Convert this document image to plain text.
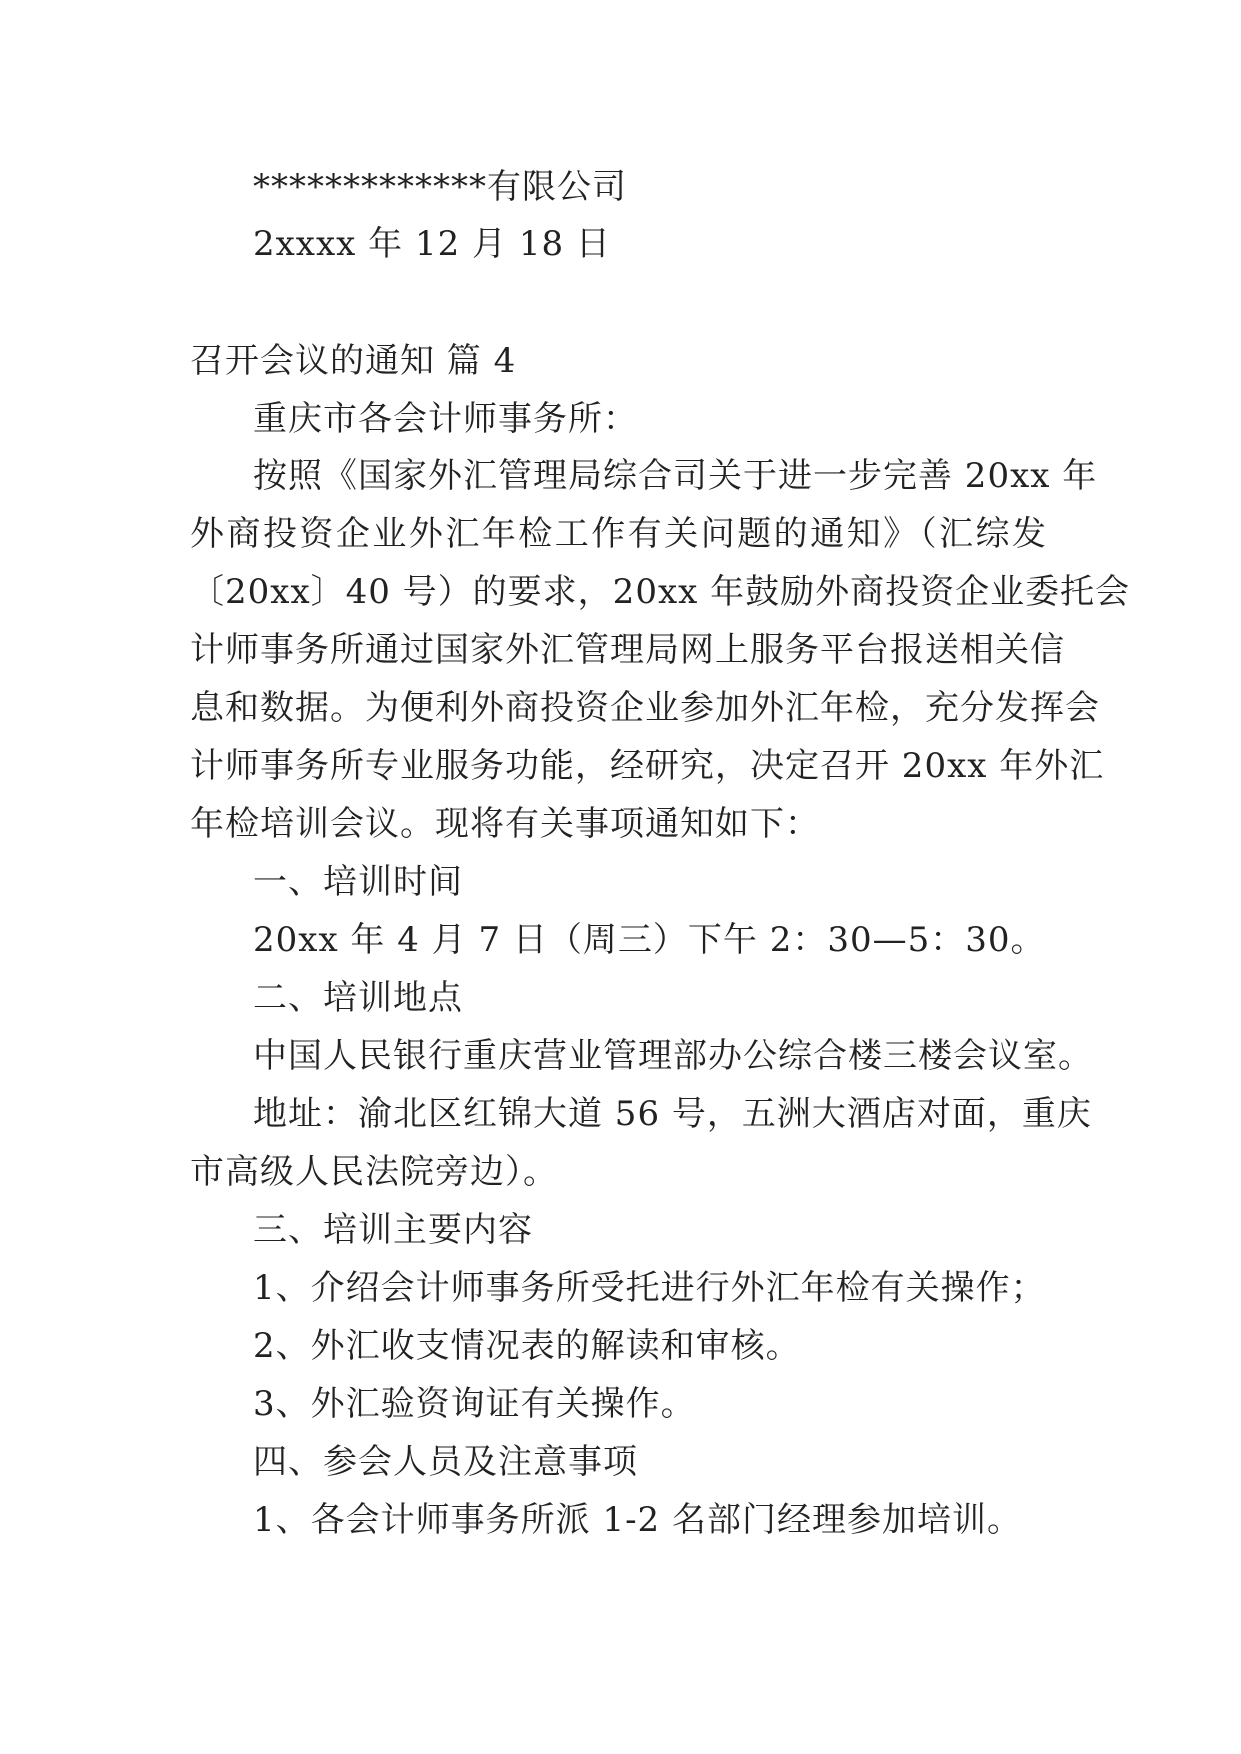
*************有限公司
2xxxx 年 12 月 18 日
召开会议的通知 篇 4
重庆市各会计师事务所：
按照《国家外汇管理局综合司关于进一步完善 20xx 年
外商投资企业外汇年检工作有关问题的通知》（汇综发
〔20xx〕40 号）的要求，20xx 年鼓励外商投资企业委托会
计师事务所通过国家外汇管理局网上服务平台报送相关信
息和数据。为便利外商投资企业参加外汇年检，充分发挥会
计师事务所专业服务功能，经研究，决定召开 20xx 年外汇
年检培训会议。现将有关事项通知如下：
一、培训时间
20xx 年 4 月 7 日（周三）下午 2：30—5：30。
二、培训地点
中国人民银行重庆营业管理部办公综合楼三楼会议室。
地址：渝北区红锦大道 56 号，五洲大酒店对面，重庆
市高级人民法院旁边）。
三、培训主要内容
1、介绍会计师事务所受托进行外汇年检有关操作；
2、外汇收支情况表的解读和审核。
3、外汇验资询证有关操作。
四、参会人员及注意事项
1、各会计师事务所派 1-2 名部门经理参加培训。
